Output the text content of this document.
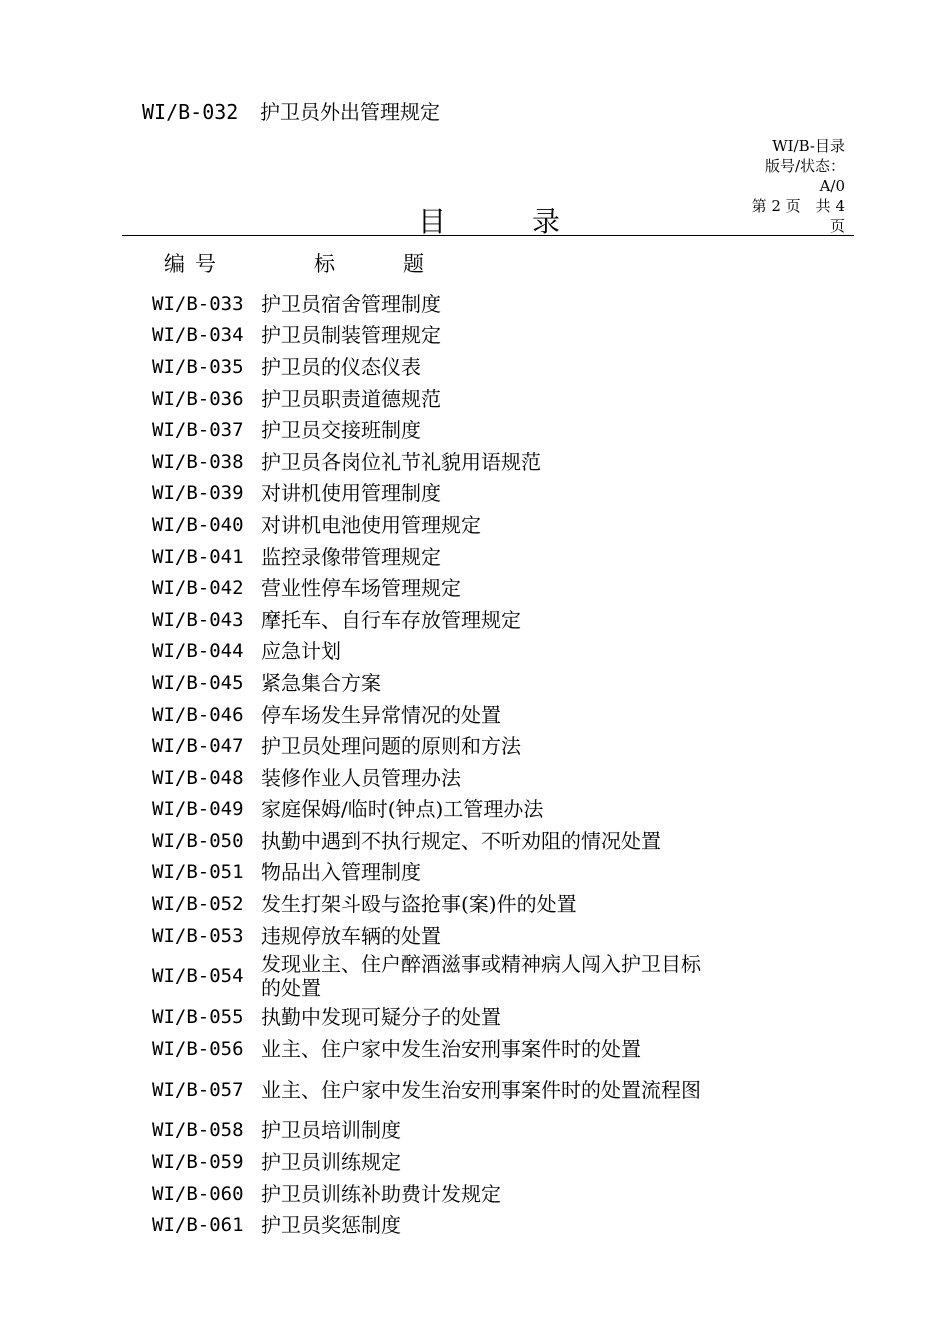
WI/B-032 护卫员外出管理规定
WI/B-目录
版号/状态：
A/0
第 2 页　共 4
页
目	录
编号	标题
WI/B-033 护卫员宿舍管理制度
WI/B-034 护卫员制装管理规定
WI/B-035 护卫员的仪态仪表
WI/B-036 护卫员职责道德规范
WI/B-037 护卫员交接班制度
WI/B-038 护卫员各岗位礼节礼貌用语规范
WI/B-039 对讲机使用管理制度
WI/B-040 对讲机电池使用管理规定
WI/B-041 监控录像带管理规定
WI/B-042 营业性停车场管理规定
WI/B-043 摩托车、自行车存放管理规定
WI/B-044 应急计划
WI/B-045 紧急集合方案
WI/B-046 停车场发生异常情况的处置
WI/B-047 护卫员处理问题的原则和方法
WI/B-048 装修作业人员管理办法
WI/B-049 家庭保姆/临时(钟点)工管理办法
WI/B-050 执勤中遇到不执行规定、不听劝阻的情况处置
WI/B-051 物品出入管理制度
WI/B-052 发生打架斗殴与盗抢事(案)件的处置
WI/B-053 违规停放车辆的处置
WI/B-054 发现业主、住户醉酒滋事或精神病人闯入护卫目标的处置
WI/B-055 执勤中发现可疑分子的处置
WI/B-056 业主、住户家中发生治安刑事案件时的处置
WI/B-057 业主、住户家中发生治安刑事案件时的处置流程图
WI/B-058 护卫员培训制度
WI/B-059 护卫员训练规定
WI/B-060 护卫员训练补助费计发规定
WI/B-061 护卫员奖惩制度
